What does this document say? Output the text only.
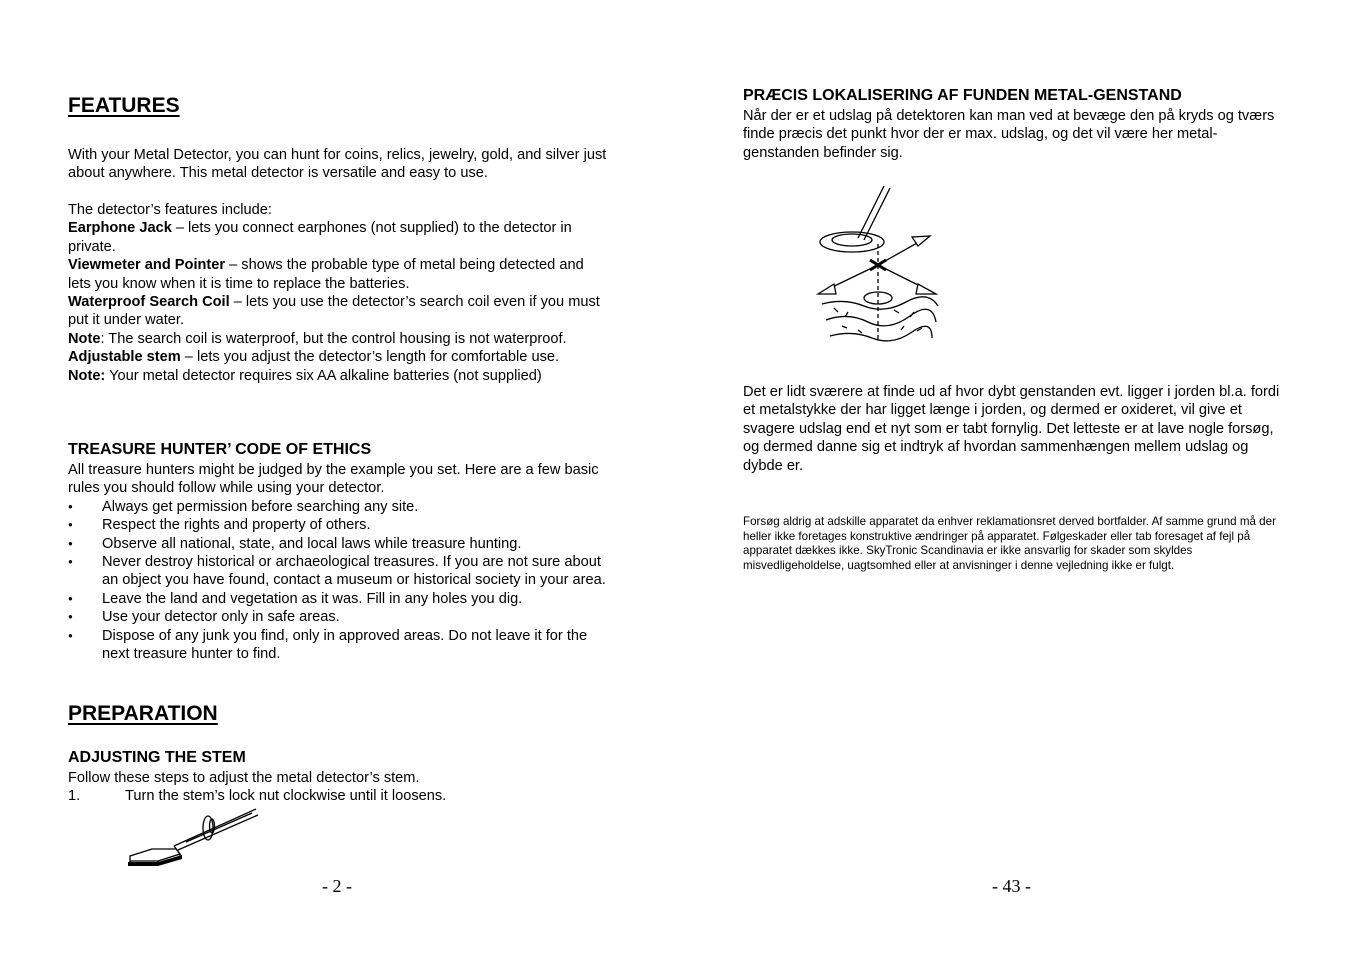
FEATURES
With your Metal Detector, you can hunt for coins, relics, jewelry, gold, and silver just about anywhere. This metal detector is versatile and easy to use.
The detector’s features include:
Earphone Jack – lets you connect earphones (not supplied) to the detector in private.
Viewmeter and Pointer – shows the probable type of metal being detected and lets you know when it is time to replace the batteries.
Waterproof Search Coil – lets you use the detector’s search coil even if you must put it under water.
Note: The search coil is waterproof, but the control housing is not waterproof.
Adjustable stem – lets you adjust the detector’s length for comfortable use.
Note: Your metal detector requires six AA alkaline batteries (not supplied)
TREASURE HUNTER’ CODE OF ETHICS
All treasure hunters might be judged by the example you set. Here are a few basic rules you should follow while using your detector.
● Always get permission before searching any site.
● Respect the rights and property of others.
● Observe all national, state, and local laws while treasure hunting.
● Never destroy historical or archaeological treasures. If you are not sure about an object you have found, contact a museum or historical society in your area.
● Leave the land and vegetation as it was. Fill in any holes you dig.
● Use your detector only in safe areas.
● Dispose of any junk you find, only in approved areas. Do not leave it for the next treasure hunter to find.
PREPARATION
ADJUSTING THE STEM
Follow these steps to adjust the metal detector’s stem.
1.	Turn the stem’s lock nut clockwise until it loosens.
- 2 -
PRÆCIS LOKALISERING AF FUNDEN METAL-GENSTAND
Når der er et udslag på detektoren kan man ved at bevæge den på kryds og tværs finde præcis det punkt hvor der er max. udslag, og det vil være her metal-genstanden befinder sig.
Det er lidt sværere at finde ud af hvor dybt genstanden evt. ligger i jorden bl.a. fordi et metalstykke der har ligget længe i jorden, og dermed er oxideret, vil give et svagere udslag end et nyt som er tabt fornylig. Det letteste er at lave nogle forsøg, og dermed danne sig et indtryk af hvordan sammenhængen mellem udslag og dybde er.
Forsøg aldrig at adskille apparatet da enhver reklamationsret derved bortfalder. Af samme grund må der heller ikke foretages konstruktive ændringer på apparatet. Følgeskader eller tab foresaget af fejl på apparatet dækkes ikke. SkyTronic Scandinavia er ikke ansvarlig for skader som skyldes misvedligeholdelse, uagtsomhed eller at anvisninger i denne vejledning ikke er fulgt.
- 43 -
